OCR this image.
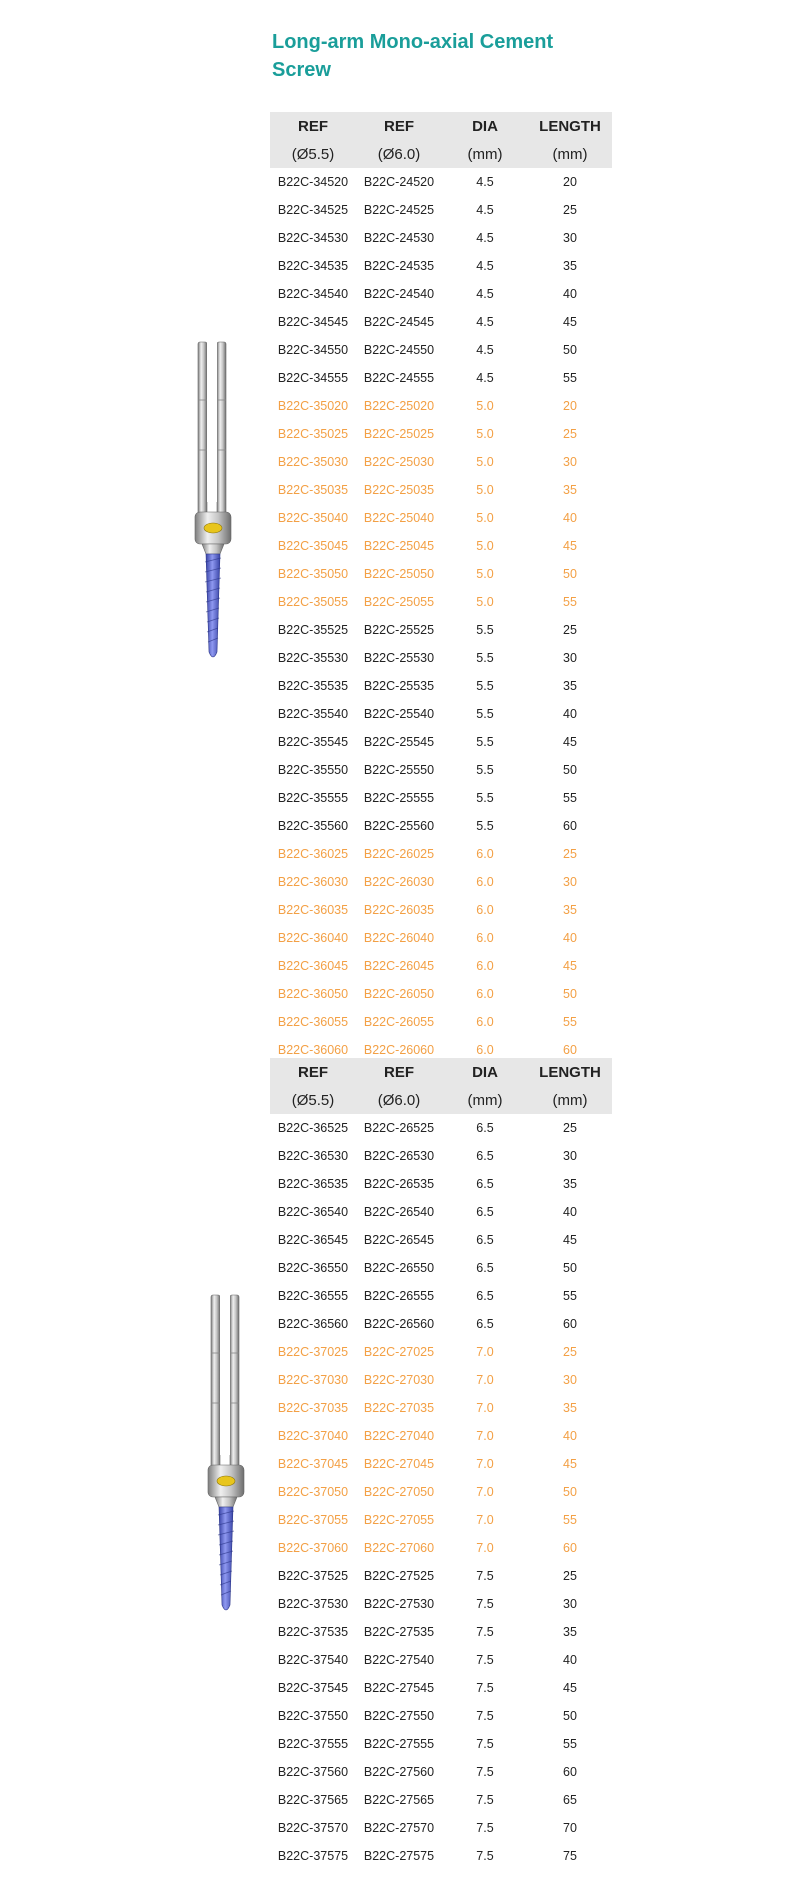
Long-arm Mono-axial Cement Screw
REF	REF	DIA	LENGTH
(Ø5.5)	(Ø6.0)	(mm)	(mm)
B22C-34520	B22C-24520	4.5	20
B22C-34525	B22C-24525	4.5	25
B22C-34530	B22C-24530	4.5	30
B22C-34535	B22C-24535	4.5	35
B22C-34540	B22C-24540	4.5	40
B22C-34545	B22C-24545	4.5	45
B22C-34550	B22C-24550	4.5	50
B22C-34555	B22C-24555	4.5	55
B22C-35020	B22C-25020	5.0	20
B22C-35025	B22C-25025	5.0	25
B22C-35030	B22C-25030	5.0	30
B22C-35035	B22C-25035	5.0	35
B22C-35040	B22C-25040	5.0	40
B22C-35045	B22C-25045	5.0	45
B22C-35050	B22C-25050	5.0	50
B22C-35055	B22C-25055	5.0	55
B22C-35525	B22C-25525	5.5	25
B22C-35530	B22C-25530	5.5	30
B22C-35535	B22C-25535	5.5	35
B22C-35540	B22C-25540	5.5	40
B22C-35545	B22C-25545	5.5	45
B22C-35550	B22C-25550	5.5	50
B22C-35555	B22C-25555	5.5	55
B22C-35560	B22C-25560	5.5	60
B22C-36025	B22C-26025	6.0	25
B22C-36030	B22C-26030	6.0	30
B22C-36035	B22C-26035	6.0	35
B22C-36040	B22C-26040	6.0	40
B22C-36045	B22C-26045	6.0	45
B22C-36050	B22C-26050	6.0	50
B22C-36055	B22C-26055	6.0	55
B22C-36060	B22C-26060	6.0	60
REF	REF	DIA	LENGTH
(Ø5.5)	(Ø6.0)	(mm)	(mm)
B22C-36525	B22C-26525	6.5	25
B22C-36530	B22C-26530	6.5	30
B22C-36535	B22C-26535	6.5	35
B22C-36540	B22C-26540	6.5	40
B22C-36545	B22C-26545	6.5	45
B22C-36550	B22C-26550	6.5	50
B22C-36555	B22C-26555	6.5	55
B22C-36560	B22C-26560	6.5	60
B22C-37025	B22C-27025	7.0	25
B22C-37030	B22C-27030	7.0	30
B22C-37035	B22C-27035	7.0	35
B22C-37040	B22C-27040	7.0	40
B22C-37045	B22C-27045	7.0	45
B22C-37050	B22C-27050	7.0	50
B22C-37055	B22C-27055	7.0	55
B22C-37060	B22C-27060	7.0	60
B22C-37525	B22C-27525	7.5	25
B22C-37530	B22C-27530	7.5	30
B22C-37535	B22C-27535	7.5	35
B22C-37540	B22C-27540	7.5	40
B22C-37545	B22C-27545	7.5	45
B22C-37550	B22C-27550	7.5	50
B22C-37555	B22C-27555	7.5	55
B22C-37560	B22C-27560	7.5	60
B22C-37565	B22C-27565	7.5	65
B22C-37570	B22C-27570	7.5	70
B22C-37575	B22C-27575	7.5	75
